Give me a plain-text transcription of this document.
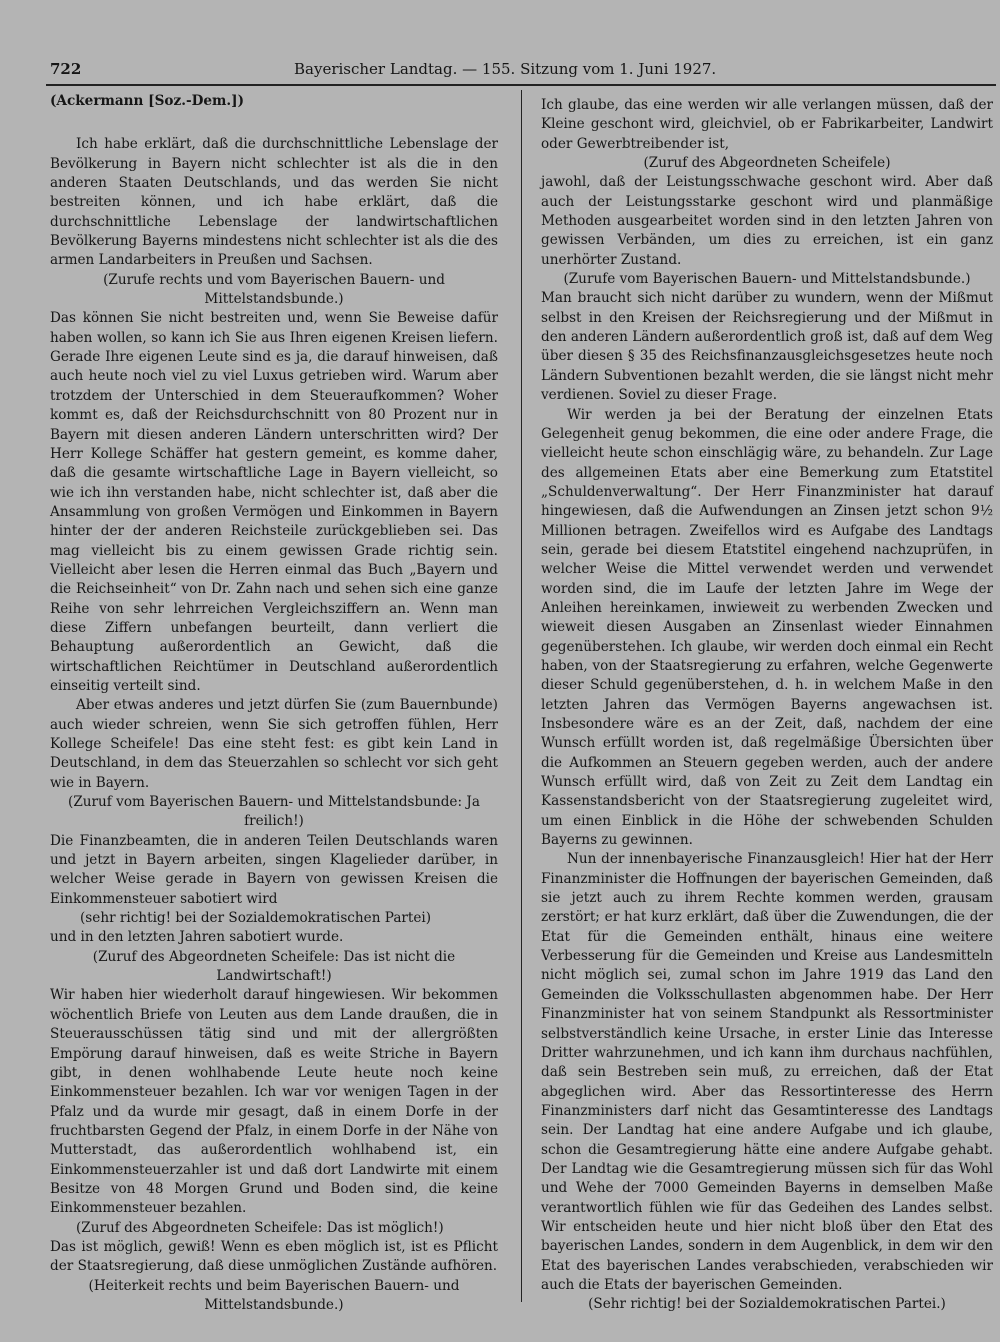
722	Bayerischer Landtag. — 155. Sitzung vom 1. Juni 1927.

(Ackermann [Soz.-Dem.])

Ich habe erklärt, daß die durchschnittliche Lebenslage der Bevölkerung in Bayern nicht schlechter ist als die in den anderen Staaten Deutschlands, und das werden Sie nicht bestreiten können, und ich habe erklärt, daß die durchschnittliche Lebenslage der landwirtschaftlichen Bevölkerung Bayerns mindestens nicht schlechter ist als die des armen Landarbeiters in Preußen und Sachsen.

(Zurufe rechts und vom Bayerischen Bauern- und Mittelstandsbunde.)

Das können Sie nicht bestreiten und, wenn Sie Beweise dafür haben wollen, so kann ich Sie aus Ihren eigenen Kreisen liefern. Gerade Ihre eigenen Leute sind es ja, die darauf hinweisen, daß auch heute noch viel zu viel Luxus getrieben wird. Warum aber trotzdem der Unterschied in dem Steueraufkommen? Woher kommt es, daß der Reichsdurchschnitt von 80 Prozent nur in Bayern mit diesen anderen Ländern unterschritten wird? Der Herr Kollege Schäffer hat gestern gemeint, es komme daher, daß die gesamte wirtschaftliche Lage in Bayern vielleicht, so wie ich ihn verstanden habe, nicht schlechter ist, daß aber die Ansammlung von großen Vermögen und Einkommen in Bayern hinter der der anderen Reichsteile zurückgeblieben sei. Das mag vielleicht bis zu einem gewissen Grade richtig sein. Vielleicht aber lesen die Herren einmal das Buch „Bayern und die Reichseinheit“ von Dr. Zahn nach und sehen sich eine ganze Reihe von sehr lehrreichen Vergleichsziffern an. Wenn man diese Ziffern unbefangen beurteilt, dann verliert die Behauptung außerordentlich an Gewicht, daß die wirtschaftlichen Reichtümer in Deutschland außerordentlich einseitig verteilt sind.

Aber etwas anderes und jetzt dürfen Sie (zum Bauernbunde) auch wieder schreien, wenn Sie sich getroffen fühlen, Herr Kollege Scheifele! Das eine steht fest: es gibt kein Land in Deutschland, in dem das Steuerzahlen so schlecht vor sich geht wie in Bayern.

(Zuruf vom Bayerischen Bauern- und Mittelstandsbunde: Ja freilich!)

Die Finanzbeamten, die in anderen Teilen Deutschlands waren und jetzt in Bayern arbeiten, singen Klagelieder darüber, in welcher Weise gerade in Bayern von gewissen Kreisen die Einkommensteuer sabotiert wird

(sehr richtig! bei der Sozialdemokratischen Partei)

und in den letzten Jahren sabotiert wurde.

(Zuruf des Abgeordneten Scheifele: Das ist nicht die Landwirtschaft!)

Wir haben hier wiederholt darauf hingewiesen. Wir bekommen wöchentlich Briefe von Leuten aus dem Lande draußen, die in Steuerausschüssen tätig sind und mit der allergrößten Empörung darauf hinweisen, daß es weite Striche in Bayern gibt, in denen wohlhabende Leute heute noch keine Einkommensteuer bezahlen. Ich war vor wenigen Tagen in der Pfalz und da wurde mir gesagt, daß in einem Dorfe in der fruchtbarsten Gegend der Pfalz, in einem Dorfe in der Nähe von Mutterstadt, das außerordentlich wohlhabend ist, ein Einkommensteuerzahler ist und daß dort Landwirte mit einem Besitze von 48 Morgen Grund und Boden sind, die keine Einkommensteuer bezahlen.

(Zuruf des Abgeordneten Scheifele: Das ist möglich!)

Das ist möglich, gewiß! Wenn es eben möglich ist, ist es Pflicht der Staatsregierung, daß diese unmöglichen Zustände aufhören.

(Heiterkeit rechts und beim Bayerischen Bauern- und Mittelstandsbunde.)

Ich glaube, das eine werden wir alle verlangen müssen, daß der Kleine geschont wird, gleichviel, ob er Fabrikarbeiter, Landwirt oder Gewerbtreibender ist,

(Zuruf des Abgeordneten Scheifele)

jawohl, daß der Leistungsschwache geschont wird. Aber daß auch der Leistungsstarke geschont wird und planmäßige Methoden ausgearbeitet worden sind in den letzten Jahren von gewissen Verbänden, um dies zu erreichen, ist ein ganz unerhörter Zustand.

(Zurufe vom Bayerischen Bauern- und Mittelstandsbunde.)

Man braucht sich nicht darüber zu wundern, wenn der Mißmut selbst in den Kreisen der Reichsregierung und der Mißmut in den anderen Ländern außerordentlich groß ist, daß auf dem Weg über diesen § 35 des Reichsfinanzausgleichsgesetzes heute noch Ländern Subventionen bezahlt werden, die sie längst nicht mehr verdienen. Soviel zu dieser Frage.

Wir werden ja bei der Beratung der einzelnen Etats Gelegenheit genug bekommen, die eine oder andere Frage, die vielleicht heute schon einschlägig wäre, zu behandeln. Zur Lage des allgemeinen Etats aber eine Bemerkung zum Etatstitel „Schuldenverwaltung“. Der Herr Finanzminister hat darauf hingewiesen, daß die Aufwendungen an Zinsen jetzt schon 9½ Millionen betragen. Zweifellos wird es Aufgabe des Landtags sein, gerade bei diesem Etatstitel eingehend nachzuprüfen, in welcher Weise die Mittel verwendet werden und verwendet worden sind, die im Laufe der letzten Jahre im Wege der Anleihen hereinkamen, inwieweit zu werbenden Zwecken und wieweit diesen Ausgaben an Zinsenlast wieder Einnahmen gegenüberstehen. Ich glaube, wir werden doch einmal ein Recht haben, von der Staatsregierung zu erfahren, welche Gegenwerte dieser Schuld gegenüberstehen, d. h. in welchem Maße in den letzten Jahren das Vermögen Bayerns angewachsen ist. Insbesondere wäre es an der Zeit, daß, nachdem der eine Wunsch erfüllt worden ist, daß regelmäßige Übersichten über die Aufkommen an Steuern gegeben werden, auch der andere Wunsch erfüllt wird, daß von Zeit zu Zeit dem Landtag ein Kassenstandsbericht von der Staatsregierung zugeleitet wird, um einen Einblick in die Höhe der schwebenden Schulden Bayerns zu gewinnen.

Nun der innenbayerische Finanzausgleich! Hier hat der Herr Finanzminister die Hoffnungen der bayerischen Gemeinden, daß sie jetzt auch zu ihrem Rechte kommen werden, grausam zerstört; er hat kurz erklärt, daß über die Zuwendungen, die der Etat für die Gemeinden enthält, hinaus eine weitere Verbesserung für die Gemeinden und Kreise aus Landesmitteln nicht möglich sei, zumal schon im Jahre 1919 das Land den Gemeinden die Volksschullasten abgenommen habe. Der Herr Finanzminister hat von seinem Standpunkt als Ressortminister selbstverständlich keine Ursache, in erster Linie das Interesse Dritter wahrzunehmen, und ich kann ihm durchaus nachfühlen, daß sein Bestreben sein muß, zu erreichen, daß der Etat abgeglichen wird. Aber das Ressortinteresse des Herrn Finanzministers darf nicht das Gesamtinteresse des Landtags sein. Der Landtag hat eine andere Aufgabe und ich glaube, schon die Gesamtregierung hätte eine andere Aufgabe gehabt. Der Landtag wie die Gesamtregierung müssen sich für das Wohl und Wehe der 7000 Gemeinden Bayerns in demselben Maße verantwortlich fühlen wie für das Gedeihen des Landes selbst. Wir entscheiden heute und hier nicht bloß über den Etat des bayerischen Landes, sondern in dem Augenblick, in dem wir den Etat des bayerischen Landes verabschieden, verabschieden wir auch die Etats der bayerischen Gemeinden.

(Sehr richtig! bei der Sozialdemokratischen Partei.)
